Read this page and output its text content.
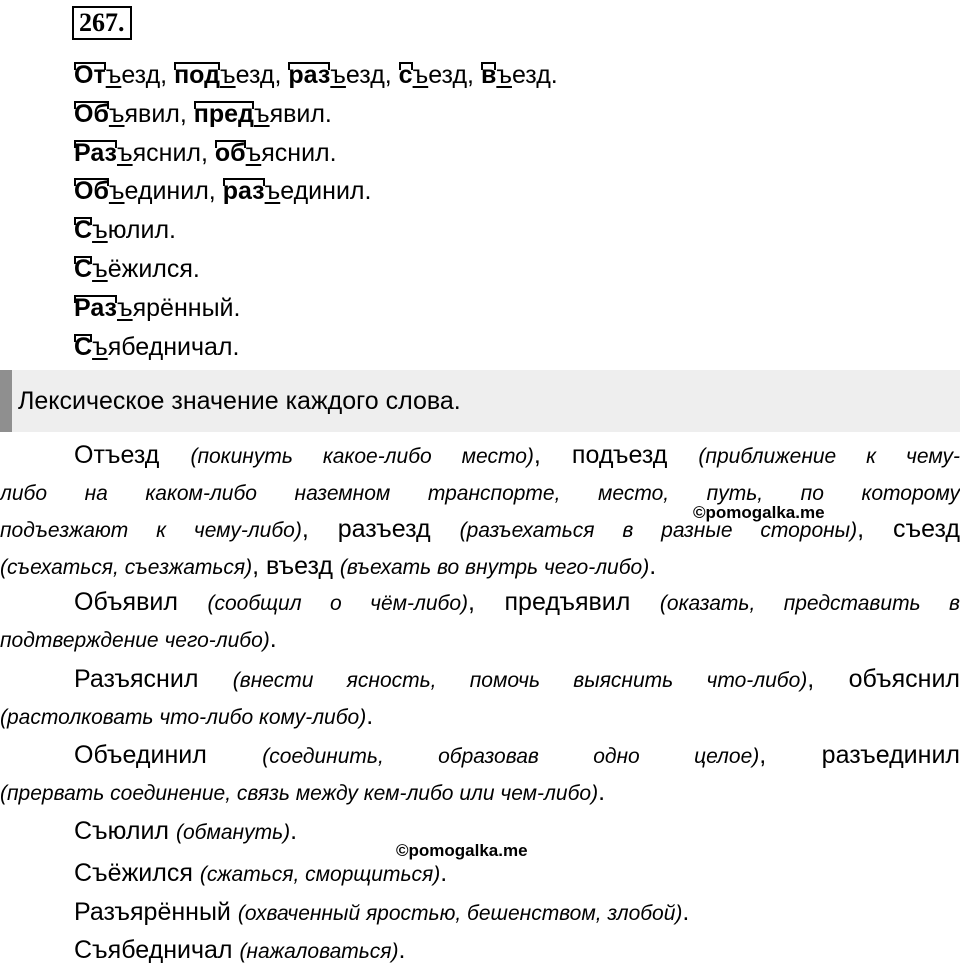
267.
Отъезд, подъезд, разъезд, съезд, въезд.
Объявил, предъявил.
Разъяснил, объяснил.
Объединил, разъединил.
Съюлил.
Съёжился.
Разъярённый.
Съябедничал.
Лексическое значение каждого слова.
Отъезд (покинуть какое-либо место), подъезд (приближение к чему-
либо на каком-либо наземном транспорте, место, путь, по которому
подъезжают к чему-либо), разъезд (разъехаться в разные стороны), съезд
(съехаться, съезжаться), въезд (въехать во внутрь чего-либо).
Объявил (сообщил о чём-либо), предъявил (оказать, представить в
подтверждение чего-либо).
Разъяснил (внести ясность, помочь выяснить что-либо), объяснил
(растолковать что-либо кому-либо).
Объединил (соединить, образовав одно целое), разъединил
(прервать соединение, связь между кем-либо или чем-либо).
Съюлил (обмануть).
Съёжился (сжаться, сморщиться).
Разъярённый (охваченный яростью, бешенством, злобой).
Съябедничал (нажаловаться).
©pomogalka.me
©pomogalka.me
